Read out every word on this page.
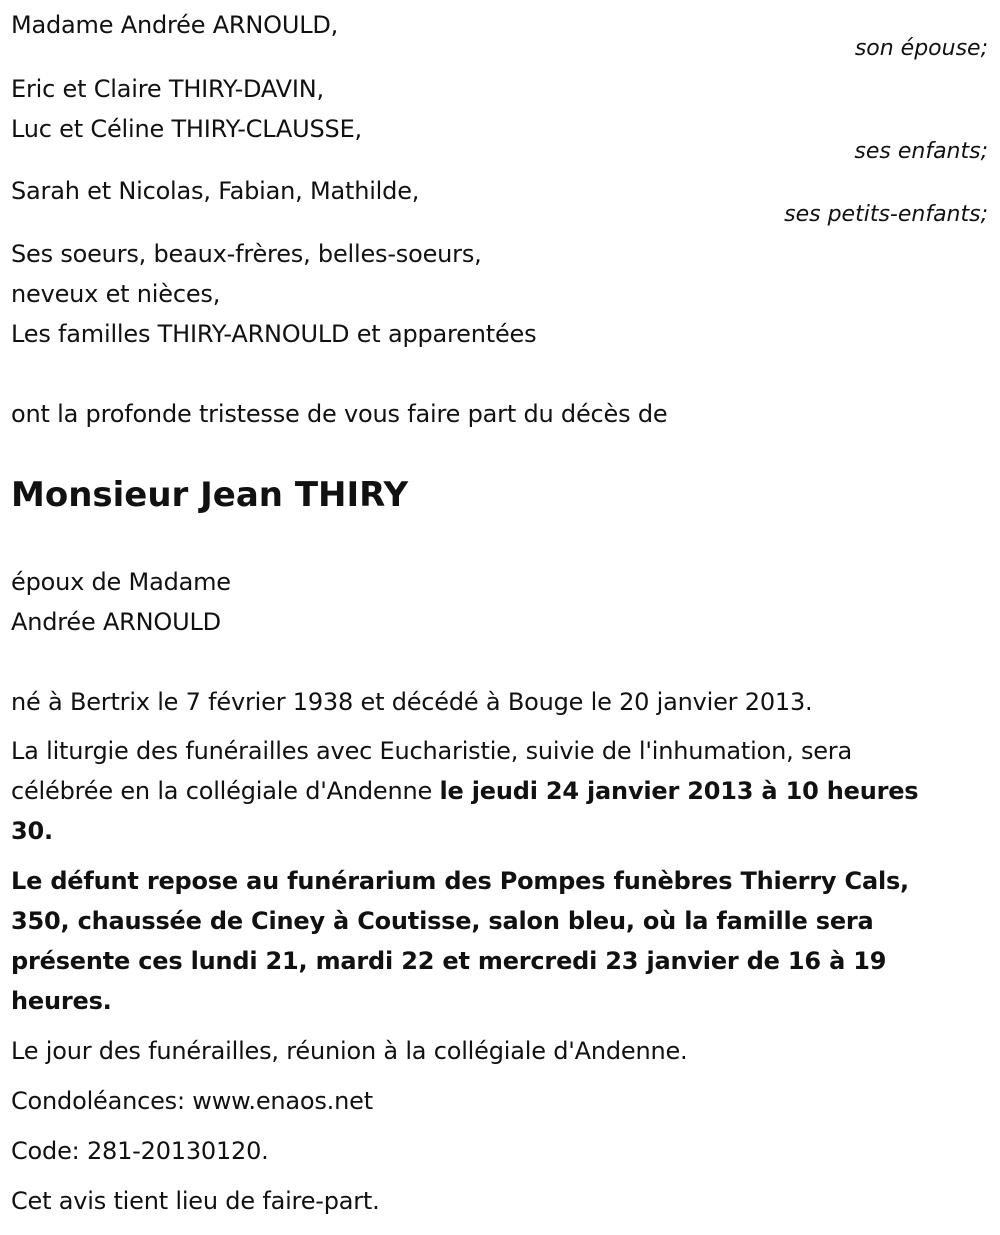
Madame Andrée ARNOULD,
son épouse;
Eric et Claire THIRY-DAVIN,
Luc et Céline THIRY-CLAUSSE,
ses enfants;
Sarah et Nicolas, Fabian, Mathilde,
ses petits-enfants;
Ses soeurs, beaux-frères, belles-soeurs,
neveux et nièces,
Les familles THIRY-ARNOULD et apparentées
ont la profonde tristesse de vous faire part du décès de
Monsieur Jean THIRY
époux de Madame
Andrée ARNOULD
né à Bertrix le 7 février 1938 et décédé à Bouge le 20 janvier 2013.
La liturgie des funérailles avec Eucharistie, suivie de l'inhumation, sera
célébrée en la collégiale d'Andenne le jeudi 24 janvier 2013 à 10 heures
30.
Le défunt repose au funérarium des Pompes funèbres Thierry Cals,
350, chaussée de Ciney à Coutisse, salon bleu, où la famille sera
présente ces lundi 21, mardi 22 et mercredi 23 janvier de 16 à 19
heures.
Le jour des funérailles, réunion à la collégiale d'Andenne.
Condoléances: www.enaos.net
Code: 281-20130120.
Cet avis tient lieu de faire-part.
